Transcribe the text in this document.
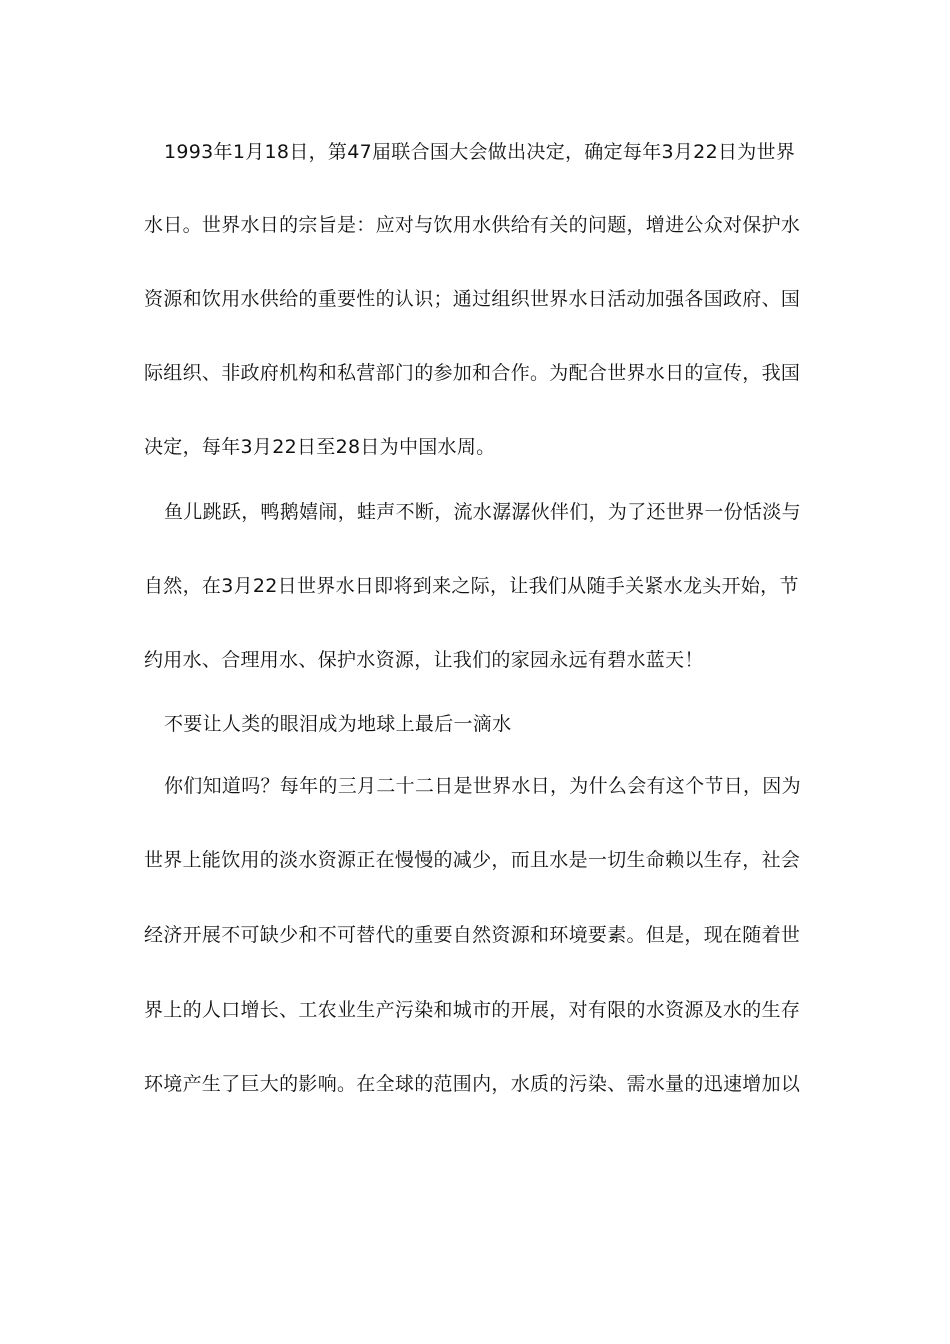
1993年1月18日，第47届联合国大会做出决定，确定每年3月22日为世界
水日。世界水日的宗旨是：应对与饮用水供给有关的问题，增进公众对保护水
资源和饮用水供给的重要性的认识；通过组织世界水日活动加强各国政府、国
际组织、非政府机构和私营部门的参加和合作。为配合世界水日的宣传，我国
决定，每年3月22日至28日为中国水周。
鱼儿跳跃，鸭鹅嬉闹，蛙声不断，流水潺潺伙伴们，为了还世界一份恬淡与
自然，在3月22日世界水日即将到来之际，让我们从随手关紧水龙头开始，节
约用水、合理用水、保护水资源，让我们的家园永远有碧水蓝天！
不要让人类的眼泪成为地球上最后一滴水
你们知道吗？每年的三月二十二日是世界水日，为什么会有这个节日，因为
世界上能饮用的淡水资源正在慢慢的减少，而且水是一切生命赖以生存，社会
经济开展不可缺少和不可替代的重要自然资源和环境要素。但是，现在随着世
界上的人口增长、工农业生产污染和城市的开展，对有限的水资源及水的生存
环境产生了巨大的影响。在全球的范围内，水质的污染、需水量的迅速增加以
